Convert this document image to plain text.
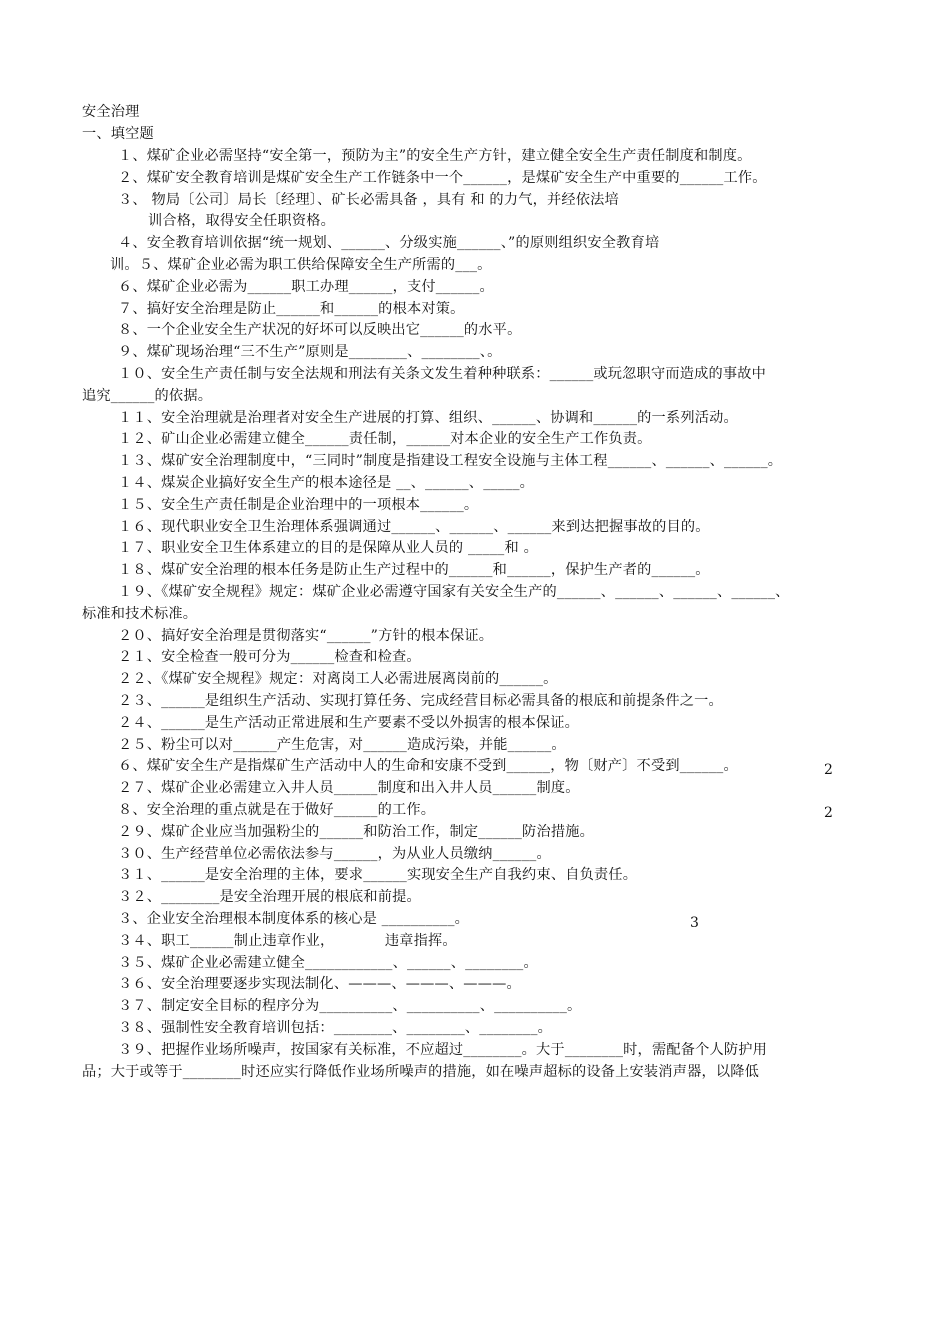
安全治理
一、填空题
１、煤矿企业必需坚持“安全第一，预防为主”的安全生产方针，建立健全安全生产责任制度和制度。
２、煤矿安全教育培训是煤矿安全生产工作链条中一个______，是煤矿安全生产中重要的______工作。
３、 物局〔公司〕局长〔经理〕、矿长必需具备 ，具有 和 的力气，并经依法培
训合格，取得安全任职资格。
４、安全教育培训依据“统一规划、______、分级实施______、”的原则组织安全教育培
训。５、煤矿企业必需为职工供给保障安全生产所需的___。
６、煤矿企业必需为______职工办理______，支付______。
７、搞好安全治理是防止______和______的根本对策。
８、一个企业安全生产状况的好坏可以反映出它______的水平。
９、煤矿现场治理“三不生产”原则是________、________、。
１０、安全生产责任制与安全法规和刑法有关条文发生着种种联系：______或玩忽职守而造成的事故中
追究______的依据。
１１、安全治理就是治理者对安全生产进展的打算、组织、______、协调和______的一系列活动。
１２、矿山企业必需建立健全______责任制，______对本企业的安全生产工作负责。
１３、煤矿安全治理制度中，“三同时”制度是指建设工程安全设施与主体工程______、______、______。
１４、煤炭企业搞好安全生产的根本途径是 __、______、_____。
１５、安全生产责任制是企业治理中的一项根本______。
１６、现代职业安全卫生治理体系强调通过______、______、______来到达把握事故的目的。
１７、职业安全卫生体系建立的目的是保障从业人员的 _____和 。
１８、煤矿安全治理的根本任务是防止生产过程中的______和______，保护生产者的______。
１９、《煤矿安全规程》规定：煤矿企业必需遵守国家有关安全生产的______、______、______、______、
标准和技术标准。
２０、搞好安全治理是贯彻落实“______”方针的根本保证。
２１、安全检查一般可分为______检查和检查。
２２、《煤矿安全规程》规定：对离岗工人必需进展离岗前的______。
２３、______是组织生产活动、实现打算任务、完成经营目标必需具备的根底和前提条件之一。
２４、______是生产活动正常进展和生产要素不受以外损害的根本保证。
２５、粉尘可以对______产生危害，对______造成污染，并能______。
６、煤矿安全生产是指煤矿生产活动中人的生命和安康不受到______，物〔财产〕不受到______。
２７、煤矿企业必需建立入井人员______制度和出入井人员______制度。
８、安全治理的重点就是在于做好______的工作。
２９、煤矿企业应当加强粉尘的______和防治工作，制定______防治措施。
３０、生产经营单位必需依法参与______，为从业人员缴纳______。
３１、______是安全治理的主体，要求______实现安全生产自我约束、自负责任。
３２、________是安全治理开展的根底和前提。
３、企业安全治理根本制度体系的核心是 __________。
３４、职工______制止违章作业，　　　　违章指挥。
３５、煤矿企业必需建立健全____________、______、________。
３６、安全治理要逐步实现法制化、———、———、———。
３７、制定安全目标的程序分为__________、__________、__________。
３８、强制性安全教育培训包括：________、________、________。
３９、把握作业场所噪声，按国家有关标准，不应超过________。大于________时，需配备个人防护用
品；大于或等于________时还应实行降低作业场所噪声的措施，如在噪声超标的设备上安装消声器，以降低
2
2
3
